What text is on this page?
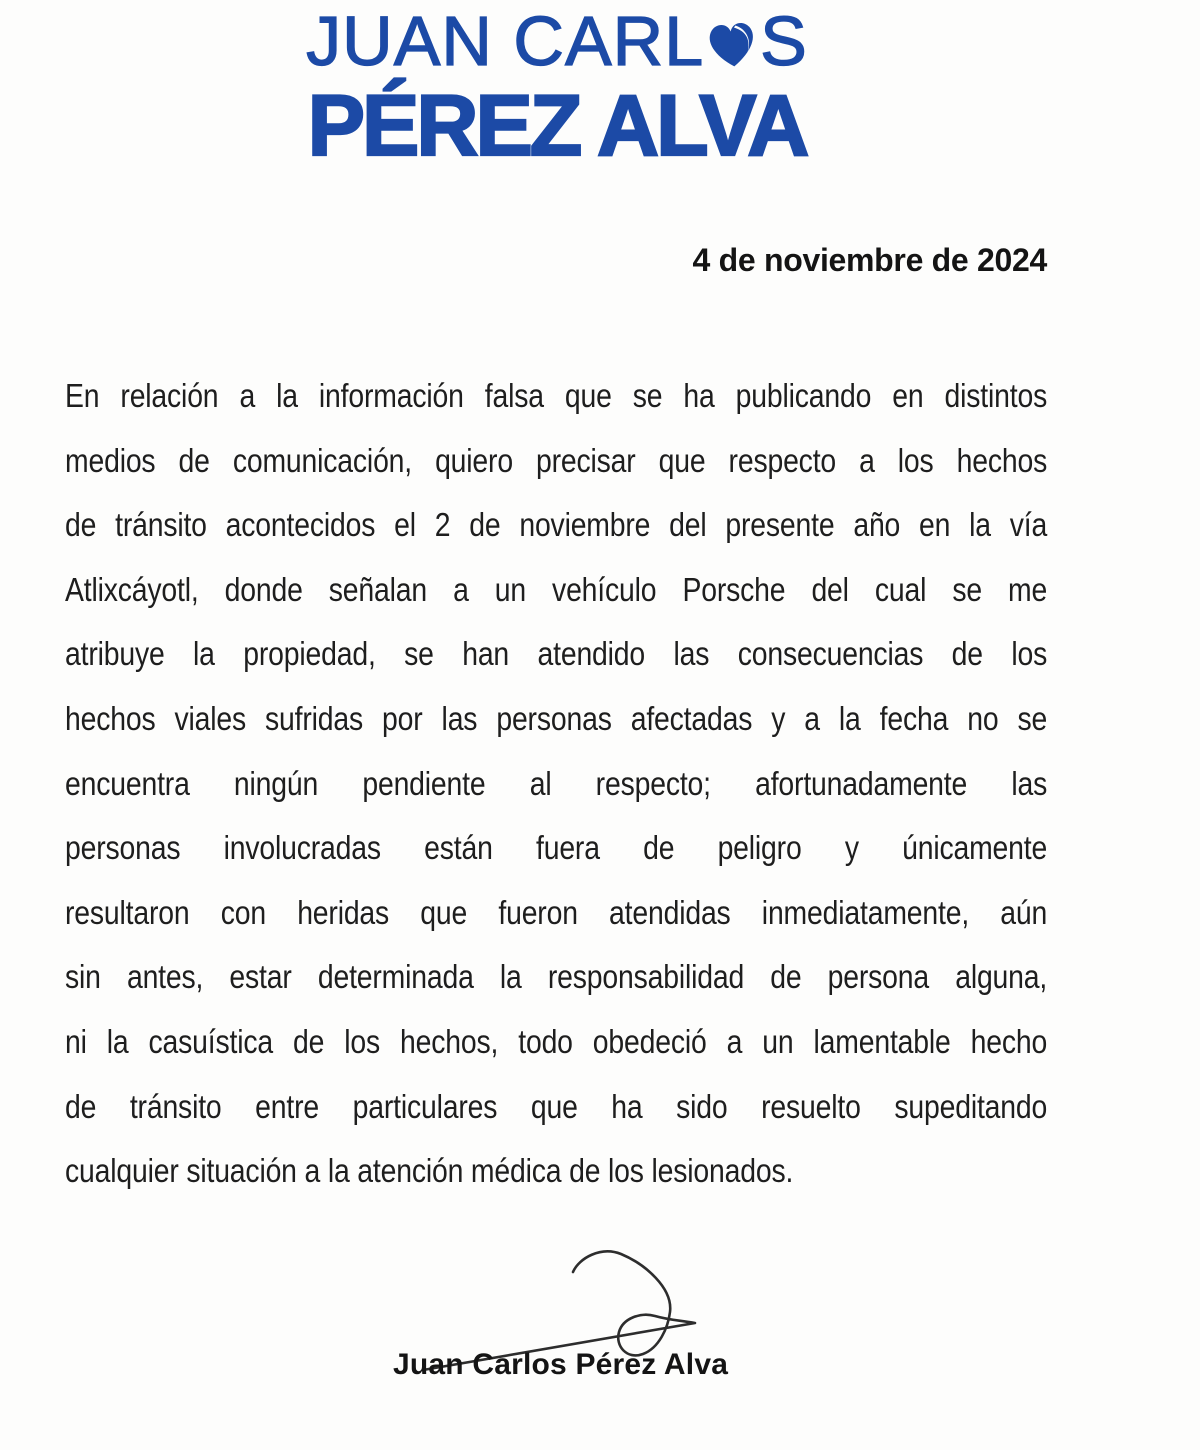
JUAN CARL S
PÉREZ ALVA
4 de noviembre de 2024
En relación a la información falsa que se ha publicando en distintos
medios de comunicación, quiero precisar que respecto a los hechos
de tránsito acontecidos el 2 de noviembre del presente año en la vía
Atlixcáyotl, donde señalan a un vehículo Porsche del cual se me
atribuye la propiedad, se han atendido las consecuencias de los
hechos viales sufridas por las personas afectadas y a la fecha no se
encuentra ningún pendiente al respecto; afortunadamente las
personas involucradas están fuera de peligro y únicamente
resultaron con heridas que fueron atendidas inmediatamente, aún
sin antes, estar determinada la responsabilidad de persona alguna,
ni la casuística de los hechos, todo obedeció a un lamentable hecho
de tránsito entre particulares que ha sido resuelto supeditando
cualquier situación a la atención médica de los lesionados.
Juan Carlos Pérez Alva
